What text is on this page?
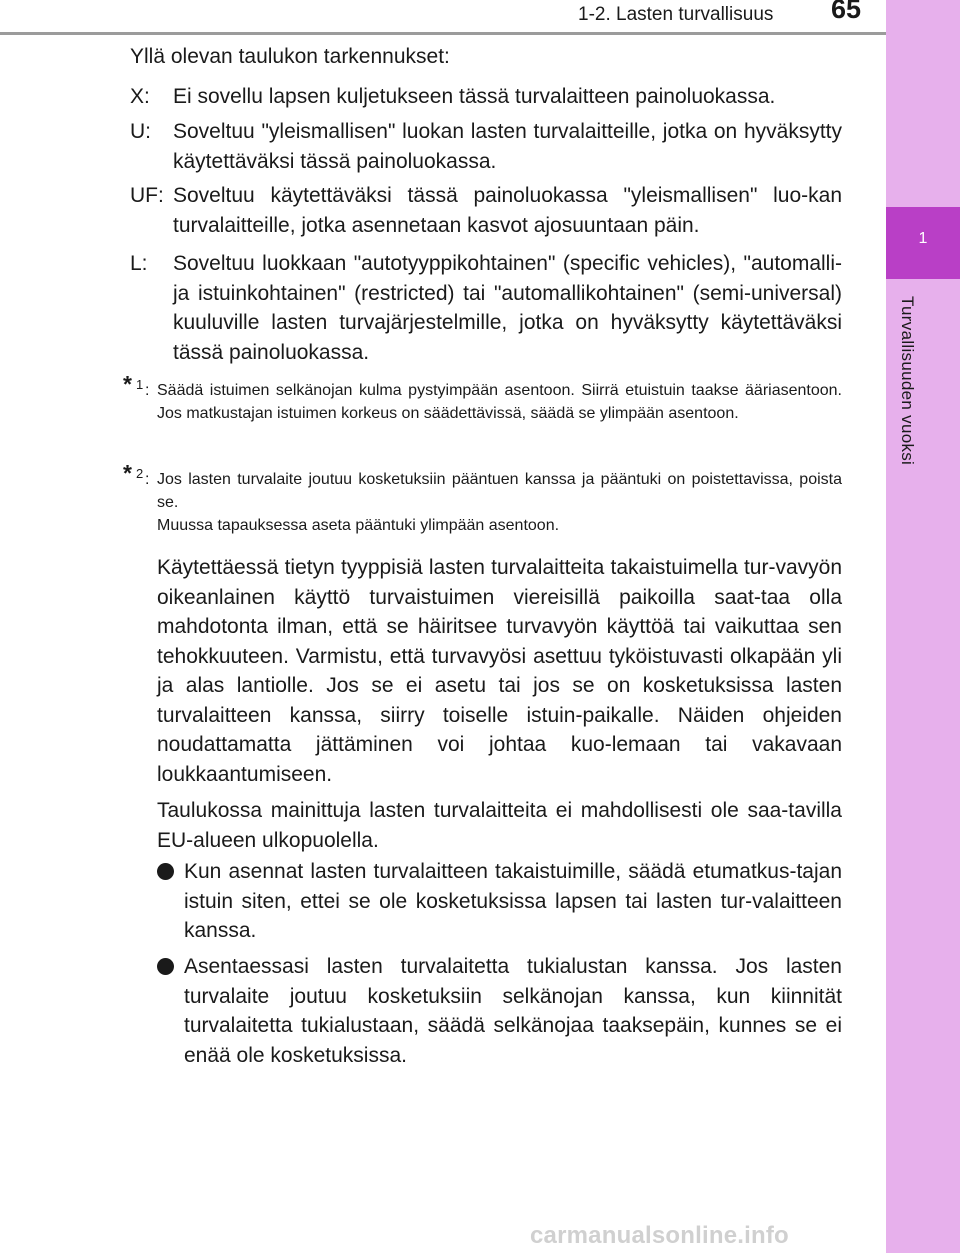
1-2. Lasten turvallisuus	65
1
Turvallisuuden vuoksi
Yllä olevan taulukon tarkennukset:
X: Ei sovellu lapsen kuljetukseen tässä turvalaitteen painoluokassa.
U: Soveltuu "yleismallisen" luokan lasten turvalaitteille, jotka on hyväksytty käytettäväksi tässä painoluokassa.
UF: Soveltuu käytettäväksi tässä painoluokassa "yleismallisen" luo-kan turvalaitteille, jotka asennetaan kasvot ajosuuntaan päin.
L: Soveltuu luokkaan "autotyyppikohtainen" (specific vehicles), "automalli- ja istuinkohtainen" (restricted) tai "automallikohtainen" (semi-universal) kuuluville lasten turvajärjestelmille, jotka on hyväksytty käytettäväksi tässä painoluokassa.
* 1 : Säädä istuimen selkänojan kulma pystyimpään asentoon. Siirrä etuistuin taakse ääriasentoon. Jos matkustajan istuimen korkeus on säädettävissä, säädä se ylimpään asentoon.
* 2 : Jos lasten turvalaite joutuu kosketuksiin pääntuen kanssa ja pääntuki on poistettavissa, poista se.
Muussa tapauksessa aseta pääntuki ylimpään asentoon.
Käytettäessä tietyn tyyppisiä lasten turvalaitteita takaistuimella tur-vavyön oikeanlainen käyttö turvaistuimen viereisillä paikoilla saat-taa olla mahdotonta ilman, että se häiritsee turvavyön käyttöä tai vaikuttaa sen tehokkuuteen. Varmistu, että turvavyösi asettuu tyköistuvasti olkapään yli ja alas lantiolle. Jos se ei asetu tai jos se on kosketuksissa lasten turvalaitteen kanssa, siirry toiselle istuin-paikalle. Näiden ohjeiden noudattamatta jättäminen voi johtaa kuo-lemaan tai vakavaan loukkaantumiseen.
Taulukossa mainittuja lasten turvalaitteita ei mahdollisesti ole saa-tavilla EU-alueen ulkopuolella.
Kun asennat lasten turvalaitteen takaistuimille, säädä etumatkus-tajan istuin siten, ettei se ole kosketuksissa lapsen tai lasten tur-valaitteen kanssa.
Asentaessasi lasten turvalaitetta tukialustan kanssa. Jos lasten turvalaite joutuu kosketuksiin selkänojan kanssa, kun kiinnität turvalaitetta tukialustaan, säädä selkänojaa taaksepäin, kunnes se ei enää ole kosketuksissa.
carmanualsonline.info
